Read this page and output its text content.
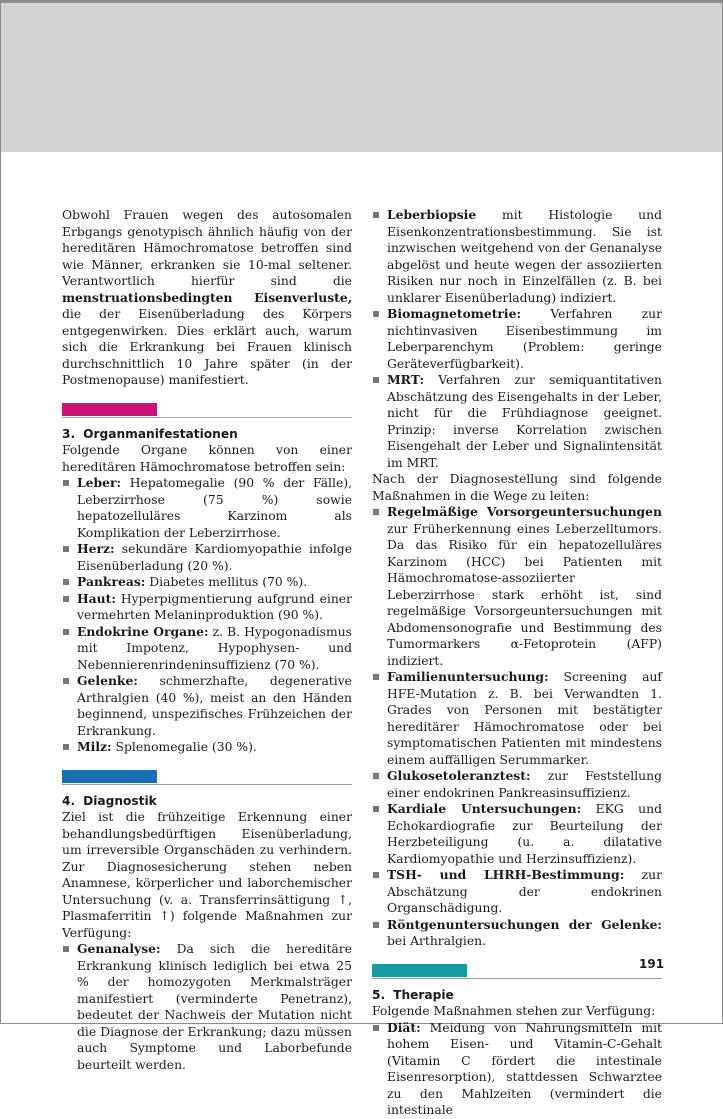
Obwohl Frauen wegen des autosomalen Erbgangs genotypisch ähnlich häufig von der hereditären Hämochromatose betroffen sind wie Männer, erkranken sie 10-mal seltener. Verantwortlich hierfür sind die menstruationsbedingten Eisenverluste, die der Eisenüberladung des Körpers entgegenwirken. Dies erklärt auch, warum sich die Erkrankung bei Frauen klinisch durchschnittlich 10 Jahre später (in der Postmenopause) manifestiert.

3. Organmanifestationen

Folgende Organe können von einer hereditären Hämochromatose betroffen sein:

Leber: Hepatomegalie (90 % der Fälle), Leberzirrhose (75 %) sowie hepatozelluläres Karzinom als Komplikation der Leberzirrhose.
Herz: sekundäre Kardiomyopathie infolge Eisenüberladung (20 %).
Pankreas: Diabetes mellitus (70 %).
Haut: Hyperpigmentierung aufgrund einer vermehrten Melaninproduktion (90 %).
Endokrine Organe: z. B. Hypogonadismus mit Impotenz, Hypophysen- und Nebennierenrindeninsuffizienz (70 %).
Gelenke: schmerzhafte, degenerative Arthralgien (40 %), meist an den Händen beginnend, unspezifisches Frühzeichen der Erkrankung.
Milz: Splenomegalie (30 %).
4. Diagnostik

Ziel ist die frühzeitige Erkennung einer behandlungsbedürftigen Eisenüberladung, um irreversible Organschäden zu verhindern. Zur Diagnosesicherung stehen neben Anamnese, körperlicher und laborchemischer Untersuchung (v. a. Transferrinsättigung ↑, Plasmaferritin ↑) folgende Maßnahmen zur Verfügung:

Genanalyse: Da sich die hereditäre Erkrankung klinisch lediglich bei etwa 25 % der homozygoten Merkmalsträger manifestiert (verminderte Penetranz), bedeutet der Nachweis der Mutation nicht die Diagnose der Erkrankung; dazu müssen auch Symptome und Laborbefunde beurteilt werden.
Leberbiopsie mit Histologie und Eisenkonzentrationsbestimmung. Sie ist inzwischen weitgehend von der Genanalyse abgelöst und heute wegen der assoziierten Risiken nur noch in Einzelfällen (z. B. bei unklarer Eisenüberladung) indiziert.
Biomagnetometrie: Verfahren zur nichtinvasiven Eisenbestimmung im Leberparenchym (Problem: geringe Geräteverfügbarkeit).
MRT: Verfahren zur semiquantitativen Abschätzung des Eisengehalts in der Leber, nicht für die Frühdiagnose geeignet. Prinzip: inverse Korrelation zwischen Eisengehalt der Leber und Signalintensität im MRT.

Nach der Diagnosestellung sind folgende Maßnahmen in die Wege zu leiten:

Regelmäßige Vorsorgeuntersuchungen zur Früherkennung eines Leberzelltumors. Da das Risiko für ein hepatozelluläres Karzinom (HCC) bei Patienten mit Hämochromatose-assoziierter Leberzirrhose stark erhöht ist, sind regelmäßige Vorsorgeuntersuchungen mit Abdomensonografie und Bestimmung des Tumormarkers α-Fetoprotein (AFP) indiziert.
Familienuntersuchung: Screening auf HFE-Mutation z. B. bei Verwandten 1. Grades von Personen mit bestätigter hereditärer Hämochromatose oder bei symptomatischen Patienten mit mindestens einem auffälligen Serummarker.
Glukosetoleranztest: zur Feststellung einer endokrinen Pankreasinsuffizienz.
Kardiale Untersuchungen: EKG und Echokardiografie zur Beurteilung der Herzbeteiligung (u. a. dilatative Kardiomyopathie und Herzinsuffizienz).
TSH- und LHRH-Bestimmung: zur Abschätzung der endokrinen Organschädigung.
Röntgenuntersuchungen der Gelenke: bei Arthralgien.
5. Therapie

Folgende Maßnahmen stehen zur Verfügung:

Diät: Meidung von Nahrungsmitteln mit hohem Eisen- und Vitamin-C-Gehalt (Vitamin C fördert die intestinale Eisenresorption), stattdessen Schwarztee zu den Mahlzeiten (vermindert die intestinale
191
